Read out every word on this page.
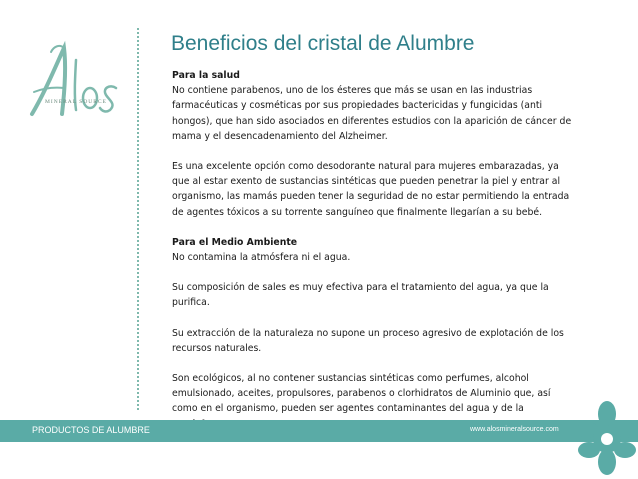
MINERAL SOURCE
Beneficios del cristal de Alumbre

Para la salud

No contiene parabenos, uno de los ésteres que más se usan en las industrias farmacéuticas y cosméticas por sus propiedades bactericidas y fungicidas (anti hongos), que han sido asociados en diferentes estudios con la aparición de cáncer de mama y el desencadenamiento del Alzheimer.

Es una excelente opción como desodorante natural para mujeres embarazadas, ya que al estar exento de sustancias sintéticas que pueden penetrar la piel y entrar al organismo, las mamás pueden tener la seguridad de no estar permitiendo la entrada de agentes tóxicos a su torrente sanguíneo que finalmente llegarían a su bebé.

Para el Medio Ambiente

No contamina la atmósfera ni el agua.

Su composición de sales es muy efectiva para el tratamiento del agua, ya que la purifica.

Su extracción de la naturaleza no supone un proceso agresivo de explotación de los recursos naturales.

Son ecológicos, al no contener sustancias sintéticas como perfumes, alcohol emulsionado, aceites, propulsores, parabenos o clorhidratos de Aluminio que, así como en el organismo, pueden ser agentes contaminantes del agua y de la

PRODUCTOS DE ALUMBRE	www.alosmineralsource.com
